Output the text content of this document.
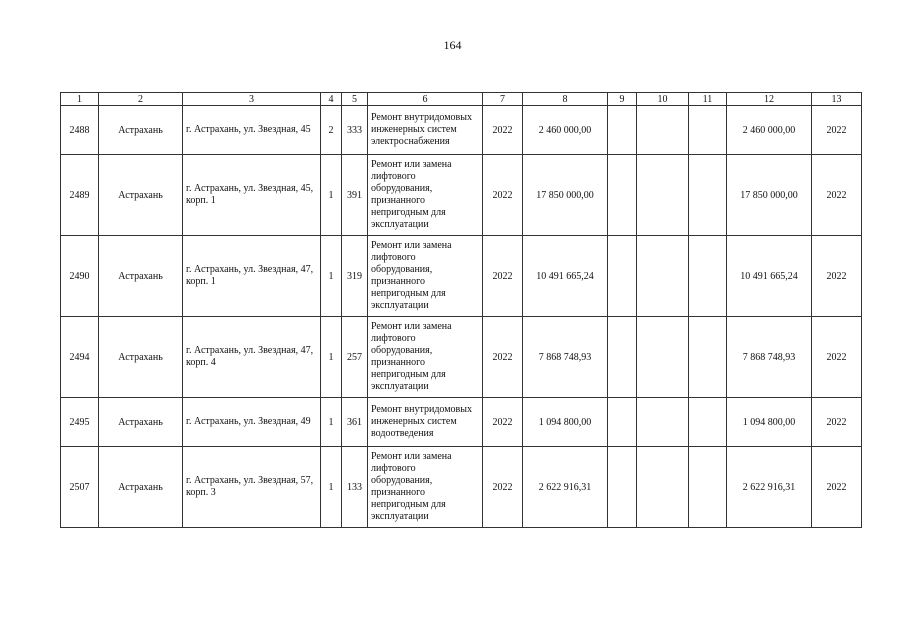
164
1	2	3	4	5	6	7	8	9	10	11	12	13
2488	Астрахань	г. Астрахань, ул. Звездная, 45	2	333	Ремонт внутридомовых инженерных систем электроснабжения	2022	2 460 000,00				2 460 000,00	2022
2489	Астрахань	г. Астрахань, ул. Звездная, 45, корп. 1	1	391	Ремонт или замена лифтового оборудования, признанного непригодным для эксплуатации	2022	17 850 000,00				17 850 000,00	2022
2490	Астрахань	г. Астрахань, ул. Звездная, 47, корп. 1	1	319	Ремонт или замена лифтового оборудования, признанного непригодным для эксплуатации	2022	10 491 665,24				10 491 665,24	2022
2494	Астрахань	г. Астрахань, ул. Звездная, 47, корп. 4	1	257	Ремонт или замена лифтового оборудования, признанного непригодным для эксплуатации	2022	7 868 748,93				7 868 748,93	2022
2495	Астрахань	г. Астрахань, ул. Звездная, 49	1	361	Ремонт внутридомовых инженерных систем водоотведения	2022	1 094 800,00				1 094 800,00	2022
2507	Астрахань	г. Астрахань, ул. Звездная, 57, корп. 3	1	133	Ремонт или замена лифтового оборудования, признанного непригодным для эксплуатации	2022	2 622 916,31				2 622 916,31	2022
